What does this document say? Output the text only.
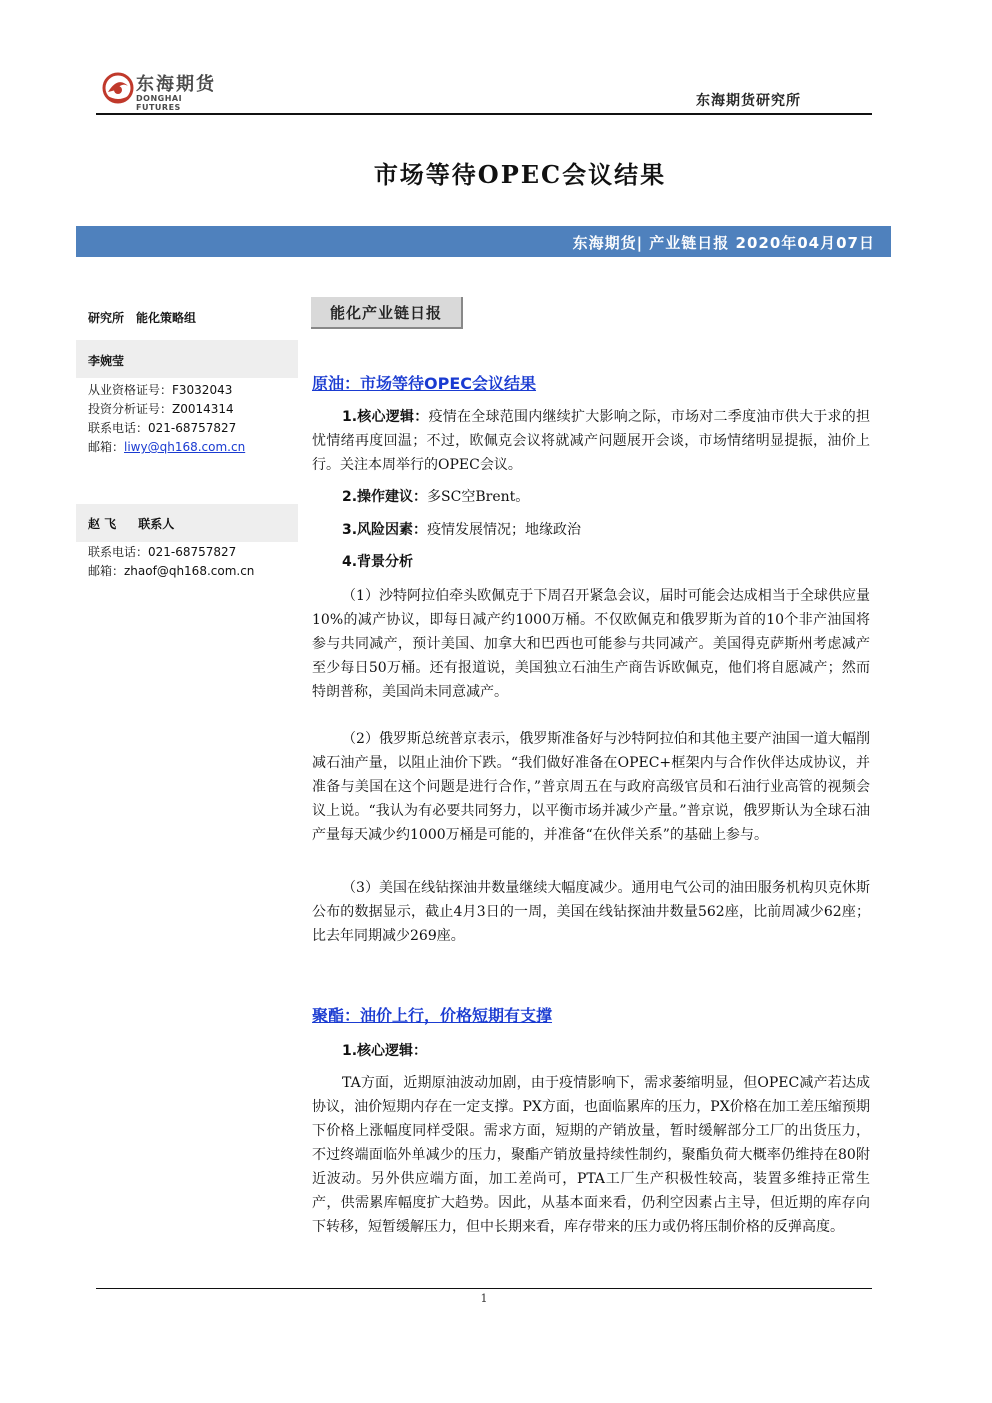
东海期货
DONGHAI FUTURES	东海期货研究所
市场等待OPEC会议结果
东海期货| 产业链日报 2020年04月07日
研究所 能化策略组
李婉莹
从业资格证号：F3032043
投资分析证号：Z0014314
联系电话：021-68757827
邮箱：liwy@qh168.com.cn
赵 飞 联系人
联系电话：021-68757827
邮箱：zhaof@qh168.com.cn
能化产业链日报
原油：市场等待OPEC会议结果
1.核心逻辑：疫情在全球范围内继续扩大影响之际，市场对二季度油市供大于求的担忧情绪再度回温；不过，欧佩克会议将就减产问题展开会谈，市场情绪明显提振，油价上行。关注本周举行的OPEC会议。
2.操作建议：多SC空Brent。
3.风险因素：疫情发展情况；地缘政治
4.背景分析
（1）沙特阿拉伯牵头欧佩克于下周召开紧急会议，届时可能会达成相当于全球供应量10%的减产协议，即每日减产约1000万桶。不仅欧佩克和俄罗斯为首的10个非产油国将参与共同减产，预计美国、加拿大和巴西也可能参与共同减产。美国得克萨斯州考虑减产至少每日50万桶。还有报道说，美国独立石油生产商告诉欧佩克，他们将自愿减产；然而特朗普称，美国尚未同意减产。
（2）俄罗斯总统普京表示，俄罗斯准备好与沙特阿拉伯和其他主要产油国一道大幅削减石油产量，以阻止油价下跌。“我们做好准备在OPEC+框架内与合作伙伴达成协议，并准备与美国在这个问题是进行合作，”普京周五在与政府高级官员和石油行业高管的视频会议上说。“我认为有必要共同努力，以平衡市场并减少产量。”普京说，俄罗斯认为全球石油产量每天减少约1000万桶是可能的，并准备“在伙伴关系”的基础上参与。
（3）美国在线钻探油井数量继续大幅度减少。通用电气公司的油田服务机构贝克休斯公布的数据显示，截止4月3日的一周，美国在线钻探油井数量562座，比前周减少62座；比去年同期减少269座。
聚酯：油价上行，价格短期有支撑
1.核心逻辑：
TA方面，近期原油波动加剧，由于疫情影响下，需求萎缩明显，但OPEC减产若达成协议，油价短期内存在一定支撑。PX方面，也面临累库的压力，PX价格在加工差压缩预期下价格上涨幅度同样受限。需求方面，短期的产销放量，暂时缓解部分工厂的出货压力，不过终端面临外单减少的压力，聚酯产销放量持续性制约，聚酯负荷大概率仍维持在80附近波动。另外供应端方面，加工差尚可，PTA工厂生产积极性较高，装置多维持正常生产，供需累库幅度扩大趋势。因此，从基本面来看，仍利空因素占主导，但近期的库存向下转移，短暂缓解压力，但中长期来看，库存带来的压力或仍将压制价格的反弹高度。
1
